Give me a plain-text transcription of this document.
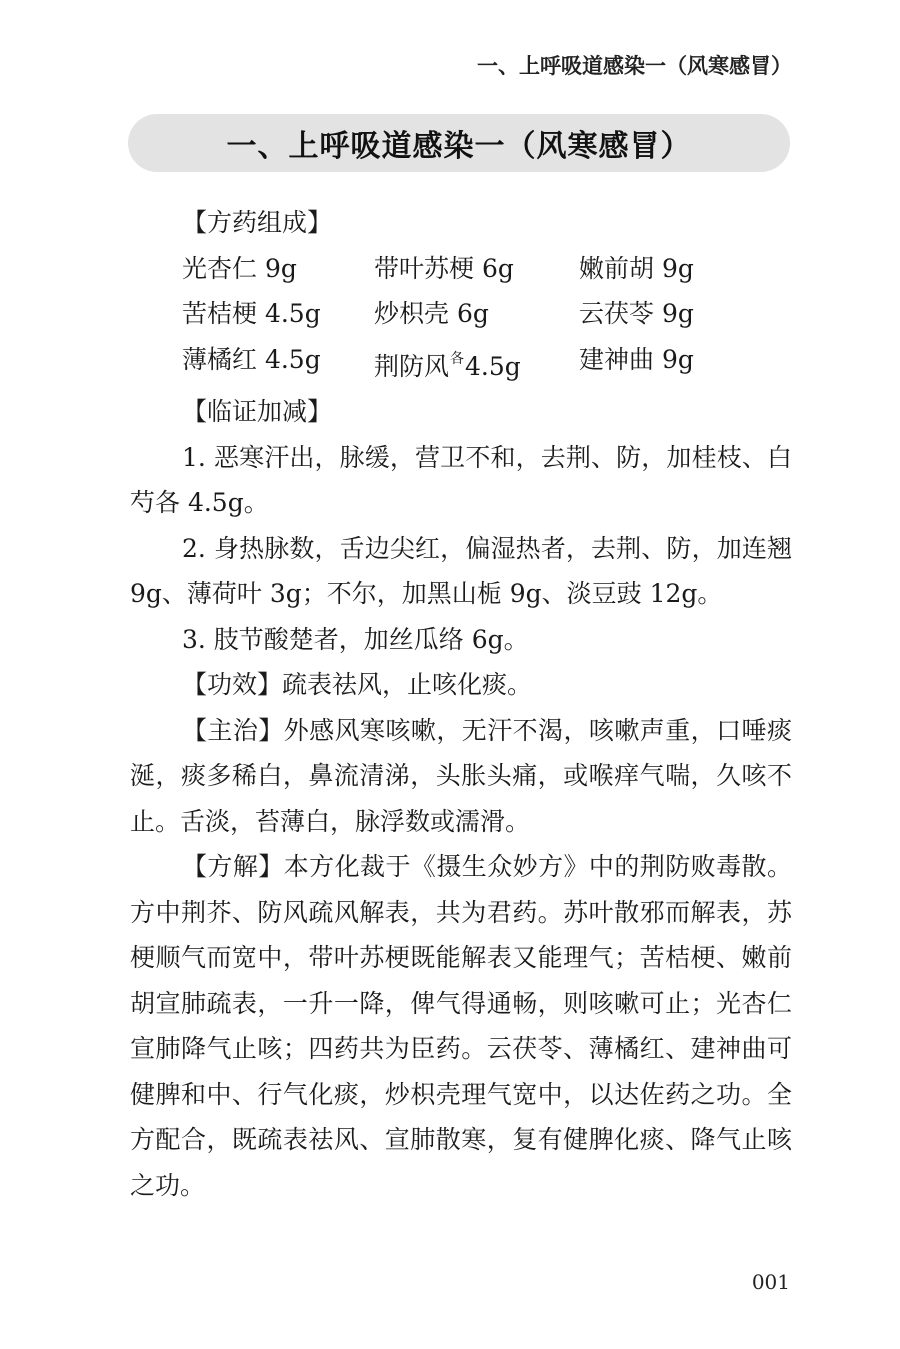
一、上呼吸道感染一（风寒感冒）
一、上呼吸道感染一（风寒感冒）
【方药组成】
光杏仁 9g	带叶苏梗 6g	嫩前胡 9g
苦桔梗 4.5g	炒枳壳 6g	云茯苓 9g
薄橘红 4.5g	荆防风$^各$4.5g	建神曲 9g
【临证加减】

1. 恶寒汗出，脉缓，营卫不和，去荆、防，加桂枝、白芍各 4.5g。

2. 身热脉数，舌边尖红，偏湿热者，去荆、防，加连翘 9g、薄荷叶 3g；不尔，加黑山栀 9g、淡豆豉 12g。

3. 肢节酸楚者，加丝瓜络 6g。

【功效】疏表祛风，止咳化痰。

【主治】外感风寒咳嗽，无汗不渴，咳嗽声重，口唾痰涎，痰多稀白，鼻流清涕，头胀头痛，或喉痒气喘，久咳不止。舌淡，苔薄白，脉浮数或濡滑。

【方解】本方化裁于《摄生众妙方》中的荆防败毒散。方中荆芥、防风疏风解表，共为君药。苏叶散邪而解表，苏梗顺气而宽中，带叶苏梗既能解表又能理气；苦桔梗、嫩前胡宣肺疏表，一升一降，俾气得通畅，则咳嗽可止；光杏仁宣肺降气止咳；四药共为臣药。云茯苓、薄橘红、建神曲可健脾和中、行气化痰，炒枳壳理气宽中，以达佐药之功。全方配合，既疏表祛风、宣肺散寒，复有健脾化痰、降气止咳之功。

001
